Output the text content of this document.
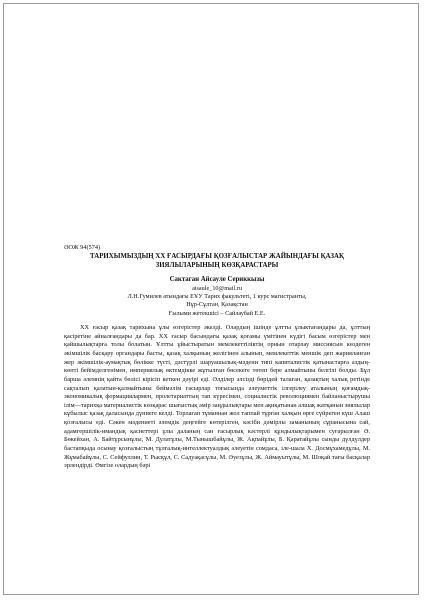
ӘОЖ 94(574)

ТАРИХЫМЫЗДЫҢ XX ҒАСЫРДАҒЫ ҚОЗҒАЛЫСТАР ЖАЙЫНДАҒЫ ҚАЗАҚ
ЗИЯЛЫЛАРЫНЫҢ КӨЗҚАРАСТАРЫ

Сактаган Айсауле Сериккызы

aisaule_10@mail.ru

Л.Н.Гумилев атындағы ЕҰУ Тарих факультеті, 1 курс магистранты,

Нұр-Сұлтан, Қазақстан

Ғылыми жетекшісі – Сайлаубай Е.Е.

XX ғасыр қазақ тарихына ұлы өзгерістер әкелді. Олардың ішінде ұлтты ұлыктағандары да, ұлттың қасіретіне айналғандары да бар. XX ғасыр басындағы қазақ қоғамы үмітінен күдігі басым өзгерістер мен қайшылықтарға толы болатын. Ұлтты ұйыстыратын мемлекеттіліктің орнын отарлау миссиясын көздеген әкімшілік басқару органдары басты, қазақ халқының желігінен алынып, мемлекеттік меншік деп жарияланған жер әкімшілік-аумақтық бөлікке түсті, дәстүрлі шаруашылық-мәдени типі капиталистік қатынастарға аздың-көпті бейімделгенімен, империялық өктемдікке жұтылған бөсекеге төтеп бере алмайтыны белгілі болды. Бұл барша әлемнің қайта бөлісі кірісіп кеткен дәуірі еді. Әлділер әлсізді бөрідей талаған, қазақтың халық ретінде сақталып қалатын-қалмайтыны беймәлім ғасырлар тоғысында әлеуметтік ілгерілеу аталының қоғамдық-экономикалық формациялармен, пролетариаттың тап күресімен, социалистік революциямен байланыстырушы ілім—тарихқа материалистік көзқарас шығыстық әмір заңдылықтары мен ақиқатынан алшақ жатқанын зиялылар кұбылыс қазақ даласында дүниеге келді. Торлаған тұманнан жол таппай тұрған халқын өрге сүйреген күш Алаш қозғалысы еді. Сәкен мәдениеті әлемдік деңгейге көтерілген, кәсіби дәмірлы заманының сұранысына сай, адамгершілік-имандық қасиеттері ұлы даланың сан ғасырлық кәстерлі құндылықтарымен суғарылған Ә. Бөкейхан, А. Байтұрсынұлы, М. Дулатұлы, М.Тынышбайұлы, Ж. Ақпайұлы, Б. Қаратайұлы сынды дүлдүлдер бастапқыда осынау қозғалыстың тұлғалық-интеллектуалдық әлеуетін сомдаса, іле-шала Х. Досмұхамедұлы, М. Жұмабайұлы, С. Сейфуллин, Т. Рысқұл, С. Садуақасұлы, М. Әуезұлы, Ж. Аймауытұлы, М. Шоқай тағы басқалар эрлендірді. Өмгізе олардың бәрі
